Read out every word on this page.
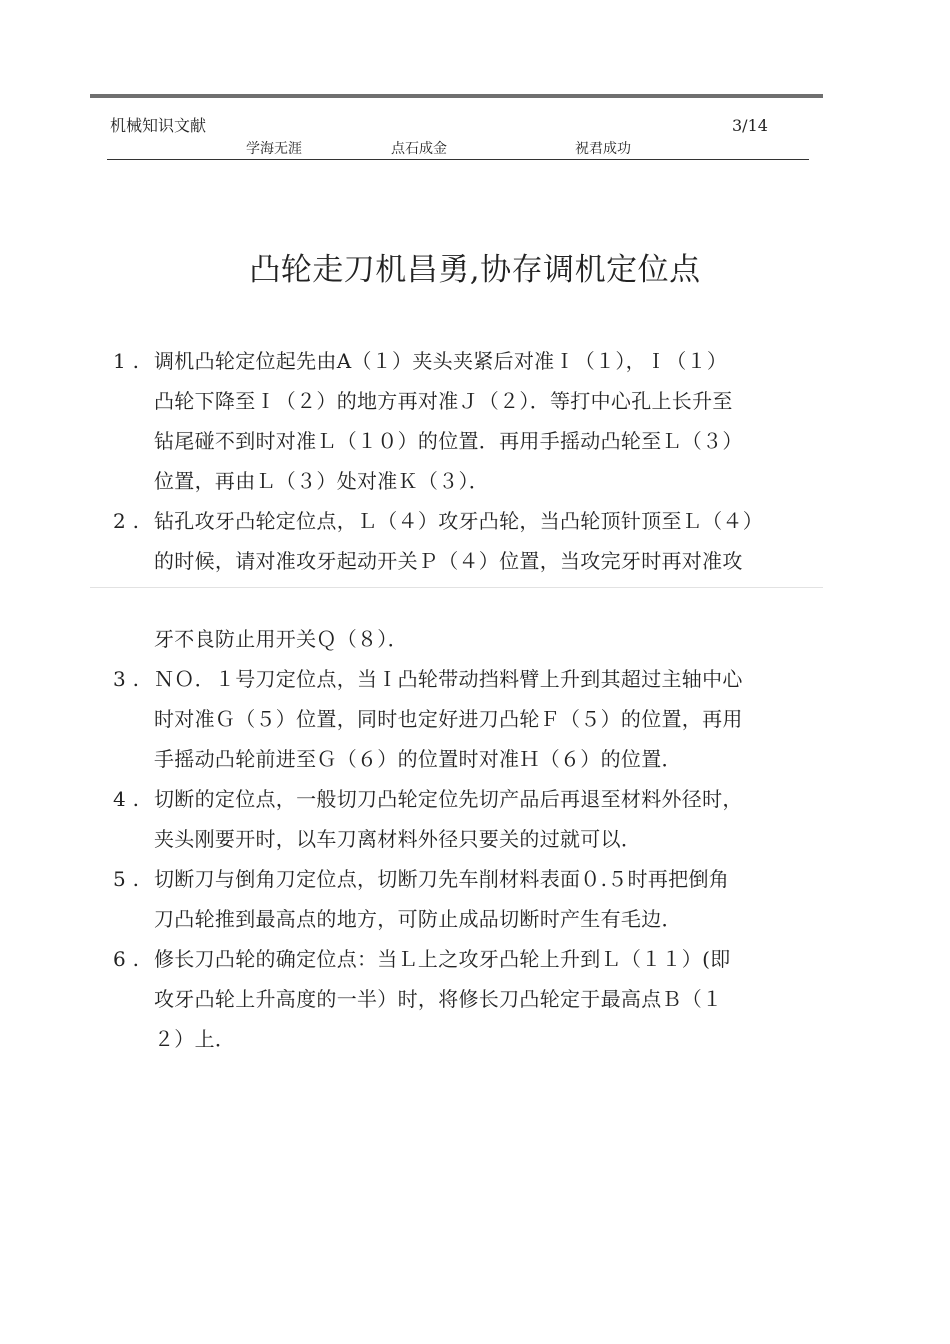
机械知识文献	3/14
学海无涯	点石成金	祝君成功
凸轮走刀机昌勇,协存调机定位点
1 . 调机凸轮定位起先由A（１）夹头夹紧后对准Ｉ（１），Ｉ（１）
凸轮下降至Ｉ（２）的地方再对准Ｊ（２）．等打中心孔上长升至
钻尾碰不到时对准Ｌ（１０）的位置．再用手摇动凸轮至Ｌ（３）
位置，再由Ｌ（３）处对准Ｋ（３）．
2 . 钻孔攻牙凸轮定位点，Ｌ（４）攻牙凸轮，当凸轮顶针顶至Ｌ（４）
的时候，请对准攻牙起动开关Ｐ（４）位置，当攻完牙时再对准攻
牙不良防止用开关Ｑ（８）．
3 . ＮＯ．１号刀定位点，当Ｉ凸轮带动挡料臂上升到其超过主轴中心
时对准Ｇ（５）位置，同时也定好进刀凸轮Ｆ（５）的位置，再用
手摇动凸轮前进至Ｇ（６）的位置时对准Ｈ（６）的位置．
4 . 切断的定位点，一般切刀凸轮定位先切产品后再退至材料外径时，
夹头刚要开时，以车刀离材料外径只要关的过就可以．
5 . 切断刀与倒角刀定位点，切断刀先车削材料表面０.５时再把倒角
刀凸轮推到最高点的地方，可防止成品切断时产生有毛边．
6 . 修长刀凸轮的确定位点：当Ｌ上之攻牙凸轮上升到Ｌ（１１）(即
攻牙凸轮上升高度的一半）时，将修长刀凸轮定于最高点Ｂ（１
２）上．
